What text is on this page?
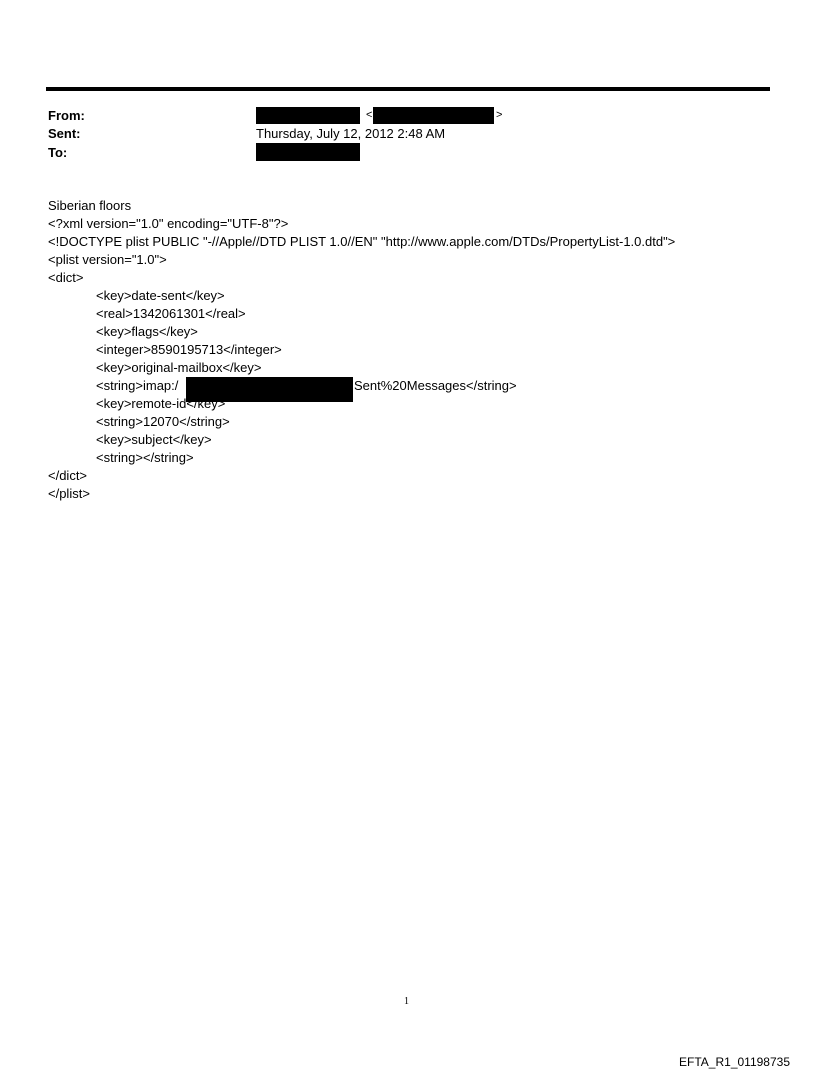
From:
Sent:
To:
<	>
Thursday, July 12, 2012 2:48 AM
Siberian floors
<?xml version="1.0" encoding="UTF-8"?>
<!DOCTYPE plist PUBLIC "-//Apple//DTD PLIST 1.0//EN" "http://www.apple.com/DTDs/PropertyList-1.0.dtd">
<plist version="1.0">
<dict>
<key>date-sent</key>
<real>1342061301</real>
<key>flags</key>
<integer>8590195713</integer>
<key>original-mailbox</key>
<string>imap:/	Sent%20Messages</string>
<key>remote-id</key>
<string>12070</string>
<key>subject</key>
<string></string>
</dict>
</plist>
1
EFTA_R1_01198735
